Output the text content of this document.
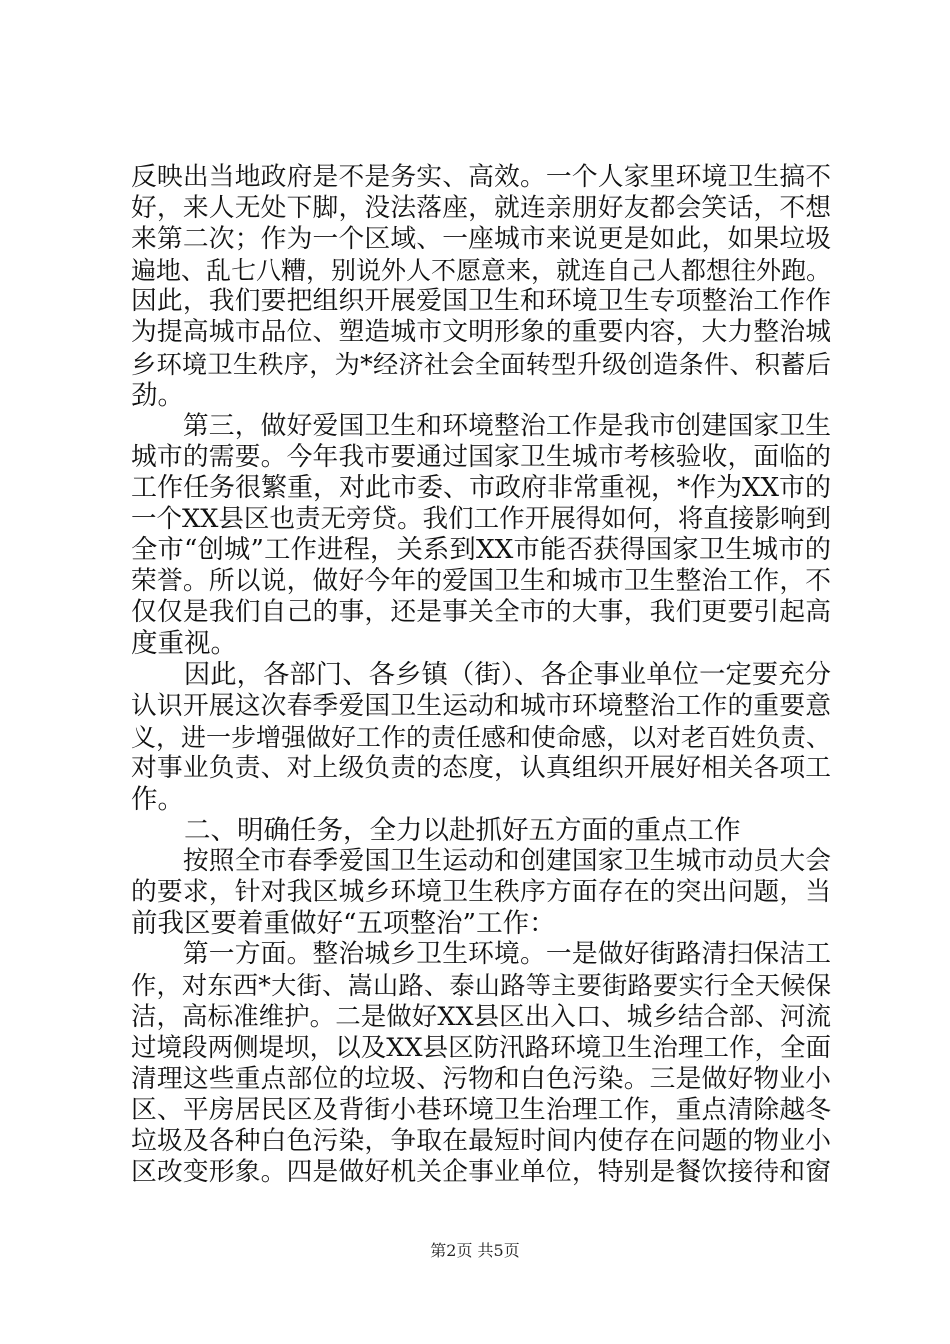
反映出当地政府是不是务实、高效。一个人家里环境卫生搞不
好，来人无处下脚，没法落座，就连亲朋好友都会笑话，不想
来第二次；作为一个区域、一座城市来说更是如此，如果垃圾
遍地、乱七八糟，别说外人不愿意来，就连自己人都想往外跑。
因此，我们要把组织开展爱国卫生和环境卫生专项整治工作作
为提高城市品位、塑造城市文明形象的重要内容，大力整治城
乡环境卫生秩序，为*经济社会全面转型升级创造条件、积蓄后
劲。
　　第三，做好爱国卫生和环境整治工作是我市创建国家卫生
城市的需要。今年我市要通过国家卫生城市考核验收，面临的
工作任务很繁重，对此市委、市政府非常重视，*作为XX市的
一个XX县区也责无旁贷。我们工作开展得如何，将直接影响到
全市“创城”工作进程，关系到XX市能否获得国家卫生城市的
荣誉。所以说，做好今年的爱国卫生和城市卫生整治工作，不
仅仅是我们自己的事，还是事关全市的大事，我们更要引起高
度重视。
　　因此，各部门、各乡镇（街）、各企事业单位一定要充分
认识开展这次春季爱国卫生运动和城市环境整治工作的重要意
义，进一步增强做好工作的责任感和使命感，以对老百姓负责、
对事业负责、对上级负责的态度，认真组织开展好相关各项工
作。
　　二、明确任务，全力以赴抓好五方面的重点工作
　　按照全市春季爱国卫生运动和创建国家卫生城市动员大会
的要求，针对我区城乡环境卫生秩序方面存在的突出问题，当
前我区要着重做好“五项整治”工作：
　　第一方面。整治城乡卫生环境。一是做好街路清扫保洁工
作，对东西*大街、嵩山路、泰山路等主要街路要实行全天候保
洁，高标准维护。二是做好XX县区出入口、城乡结合部、河流
过境段两侧堤坝，以及XX县区防汛路环境卫生治理工作，全面
清理这些重点部位的垃圾、污物和白色污染。三是做好物业小
区、平房居民区及背街小巷环境卫生治理工作，重点清除越冬
垃圾及各种白色污染，争取在最短时间内使存在问题的物业小
区改变形象。四是做好机关企事业单位，特别是餐饮接待和窗
第2页 共5页
